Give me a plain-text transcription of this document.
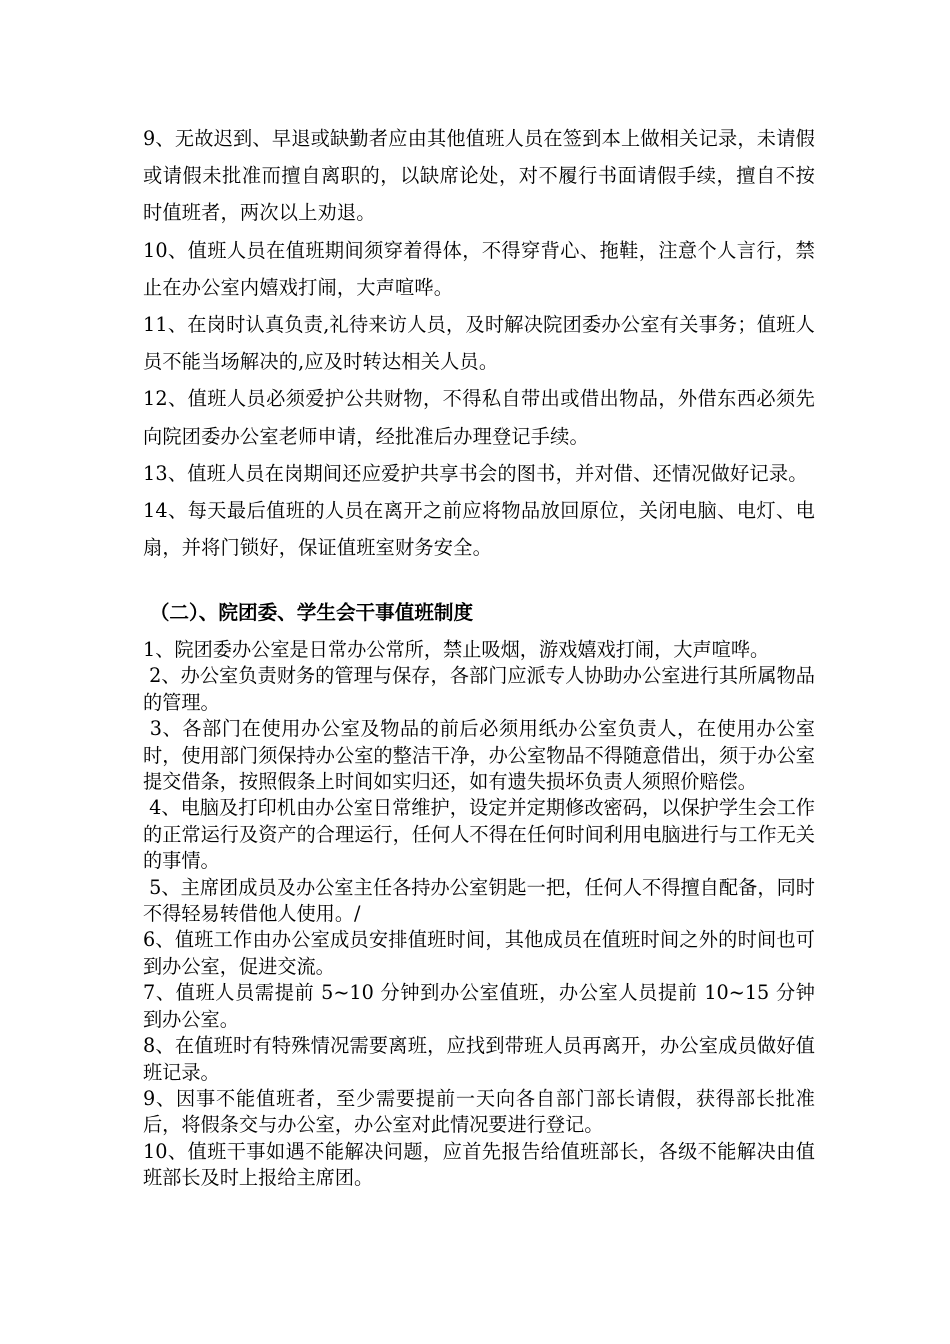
9、无故迟到、早退或缺勤者应由其他值班人员在签到本上做相关记录，未请假或请假未批准而擅自离职的，以缺席论处，对不履行书面请假手续，擅自不按时值班者，两次以上劝退。

10、值班人员在值班期间须穿着得体，不得穿背心、拖鞋，注意个人言行，禁止在办公室内嬉戏打闹，大声喧哗。

11、在岗时认真负责,礼待来访人员，及时解决院团委办公室有关事务；值班人员不能当场解决的,应及时转达相关人员。

12、值班人员必须爱护公共财物，不得私自带出或借出物品，外借东西必须先向院团委办公室老师申请，经批准后办理登记手续。

13、值班人员在岗期间还应爱护共享书会的图书，并对借、还情况做好记录。

14、每天最后值班的人员在离开之前应将物品放回原位，关闭电脑、电灯、电扇，并将门锁好，保证值班室财务安全。

（二）、院团委、学生会干事值班制度

1、院团委办公室是日常办公常所，禁止吸烟，游戏嬉戏打闹，大声喧哗。

2、办公室负责财务的管理与保存，各部门应派专人协助办公室进行其所属物品的管理。

3、各部门在使用办公室及物品的前后必须用纸办公室负责人，在使用办公室时，使用部门须保持办公室的整洁干净，办公室物品不得随意借出，须于办公室提交借条，按照假条上时间如实归还，如有遗失损坏负责人须照价赔偿。

4、电脑及打印机由办公室日常维护，设定并定期修改密码，以保护学生会工作的正常运行及资产的合理运行，任何人不得在任何时间利用电脑进行与工作无关的事情。

5、主席团成员及办公室主任各持办公室钥匙一把，任何人不得擅自配备，同时不得轻易转借他人使用。/

6、值班工作由办公室成员安排值班时间，其他成员在值班时间之外的时间也可到办公室，促进交流。

7、值班人员需提前 5~10 分钟到办公室值班，办公室人员提前 10~15 分钟到办公室。

8、在值班时有特殊情况需要离班，应找到带班人员再离开，办公室成员做好值班记录。

9、因事不能值班者，至少需要提前一天向各自部门部长请假，获得部长批准后，将假条交与办公室，办公室对此情况要进行登记。

10、值班干事如遇不能解决问题，应首先报告给值班部长，各级不能解决由值班部长及时上报给主席团。
